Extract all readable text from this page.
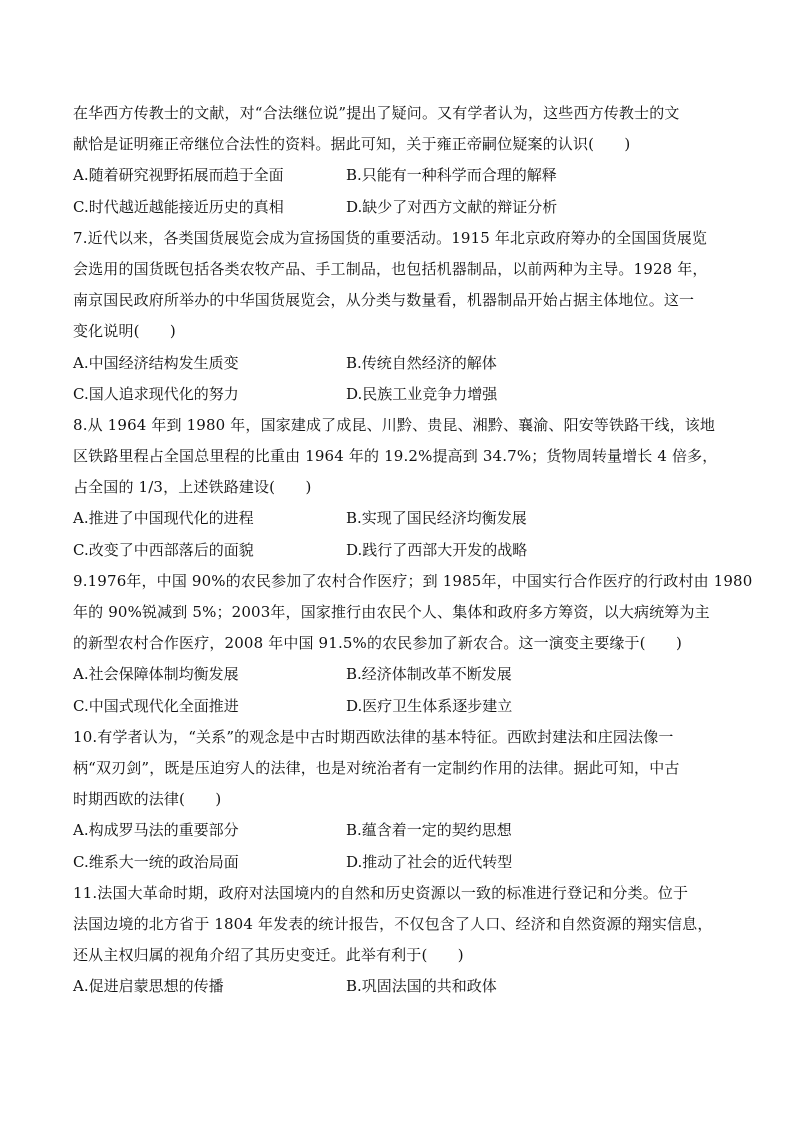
在华西方传教士的文献，对“合法继位说”提出了疑问。又有学者认为，这些西方传教士的文
献恰是证明雍正帝继位合法性的资料。据此可知，关于雍正帝嗣位疑案的认识(　　)
A.随着研究视野拓展而趋于全面	B.只能有一种科学而合理的解释
C.时代越近越能接近历史的真相	D.缺少了对西方文献的辩证分析
7.近代以来，各类国货展览会成为宣扬国货的重要活动。1915 年北京政府筹办的全国国货展览
会选用的国货既包括各类农牧产品、手工制品，也包括机器制品，以前两种为主导。1928 年，
南京国民政府所举办的中华国货展览会，从分类与数量看，机器制品开始占据主体地位。这一
变化说明(　　)
A.中国经济结构发生质变	B.传统自然经济的解体
C.国人追求现代化的努力	D.民族工业竞争力增强
8.从 1964 年到 1980 年，国家建成了成昆、川黔、贵昆、湘黔、襄渝、阳安等铁路干线，该地
区铁路里程占全国总里程的比重由 1964 年的 19.2%提高到 34.7%；货物周转量增长 4 倍多，
占全国的 1/3，上述铁路建设(　　)
A.推进了中国现代化的进程	B.实现了国民经济均衡发展
C.改变了中西部落后的面貌	D.践行了西部大开发的战略
9.1976年，中国 90%的农民参加了农村合作医疗；到 1985年，中国实行合作医疗的行政村由 1980
年的 90%锐减到 5%；2003年，国家推行由农民个人、集体和政府多方筹资，以大病统筹为主
的新型农村合作医疗，2008 年中国 91.5%的农民参加了新农合。这一演变主要缘于(　　)
A.社会保障体制均衡发展	B.经济体制改革不断发展
C.中国式现代化全面推进	D.医疗卫生体系逐步建立
10.有学者认为，“关系”的观念是中古时期西欧法律的基本特征。西欧封建法和庄园法像一
柄“双刃剑”，既是压迫穷人的法律，也是对统治者有一定制约作用的法律。据此可知，中古
时期西欧的法律(　　)
A.构成罗马法的重要部分	B.蕴含着一定的契约思想
C.维系大一统的政治局面	D.推动了社会的近代转型
11.法国大革命时期，政府对法国境内的自然和历史资源以一致的标准进行登记和分类。位于
法国边境的北方省于 1804 年发表的统计报告，不仅包含了人口、经济和自然资源的翔实信息，
还从主权归属的视角介绍了其历史变迁。此举有利于(　　)
A.促进启蒙思想的传播	B.巩固法国的共和政体
